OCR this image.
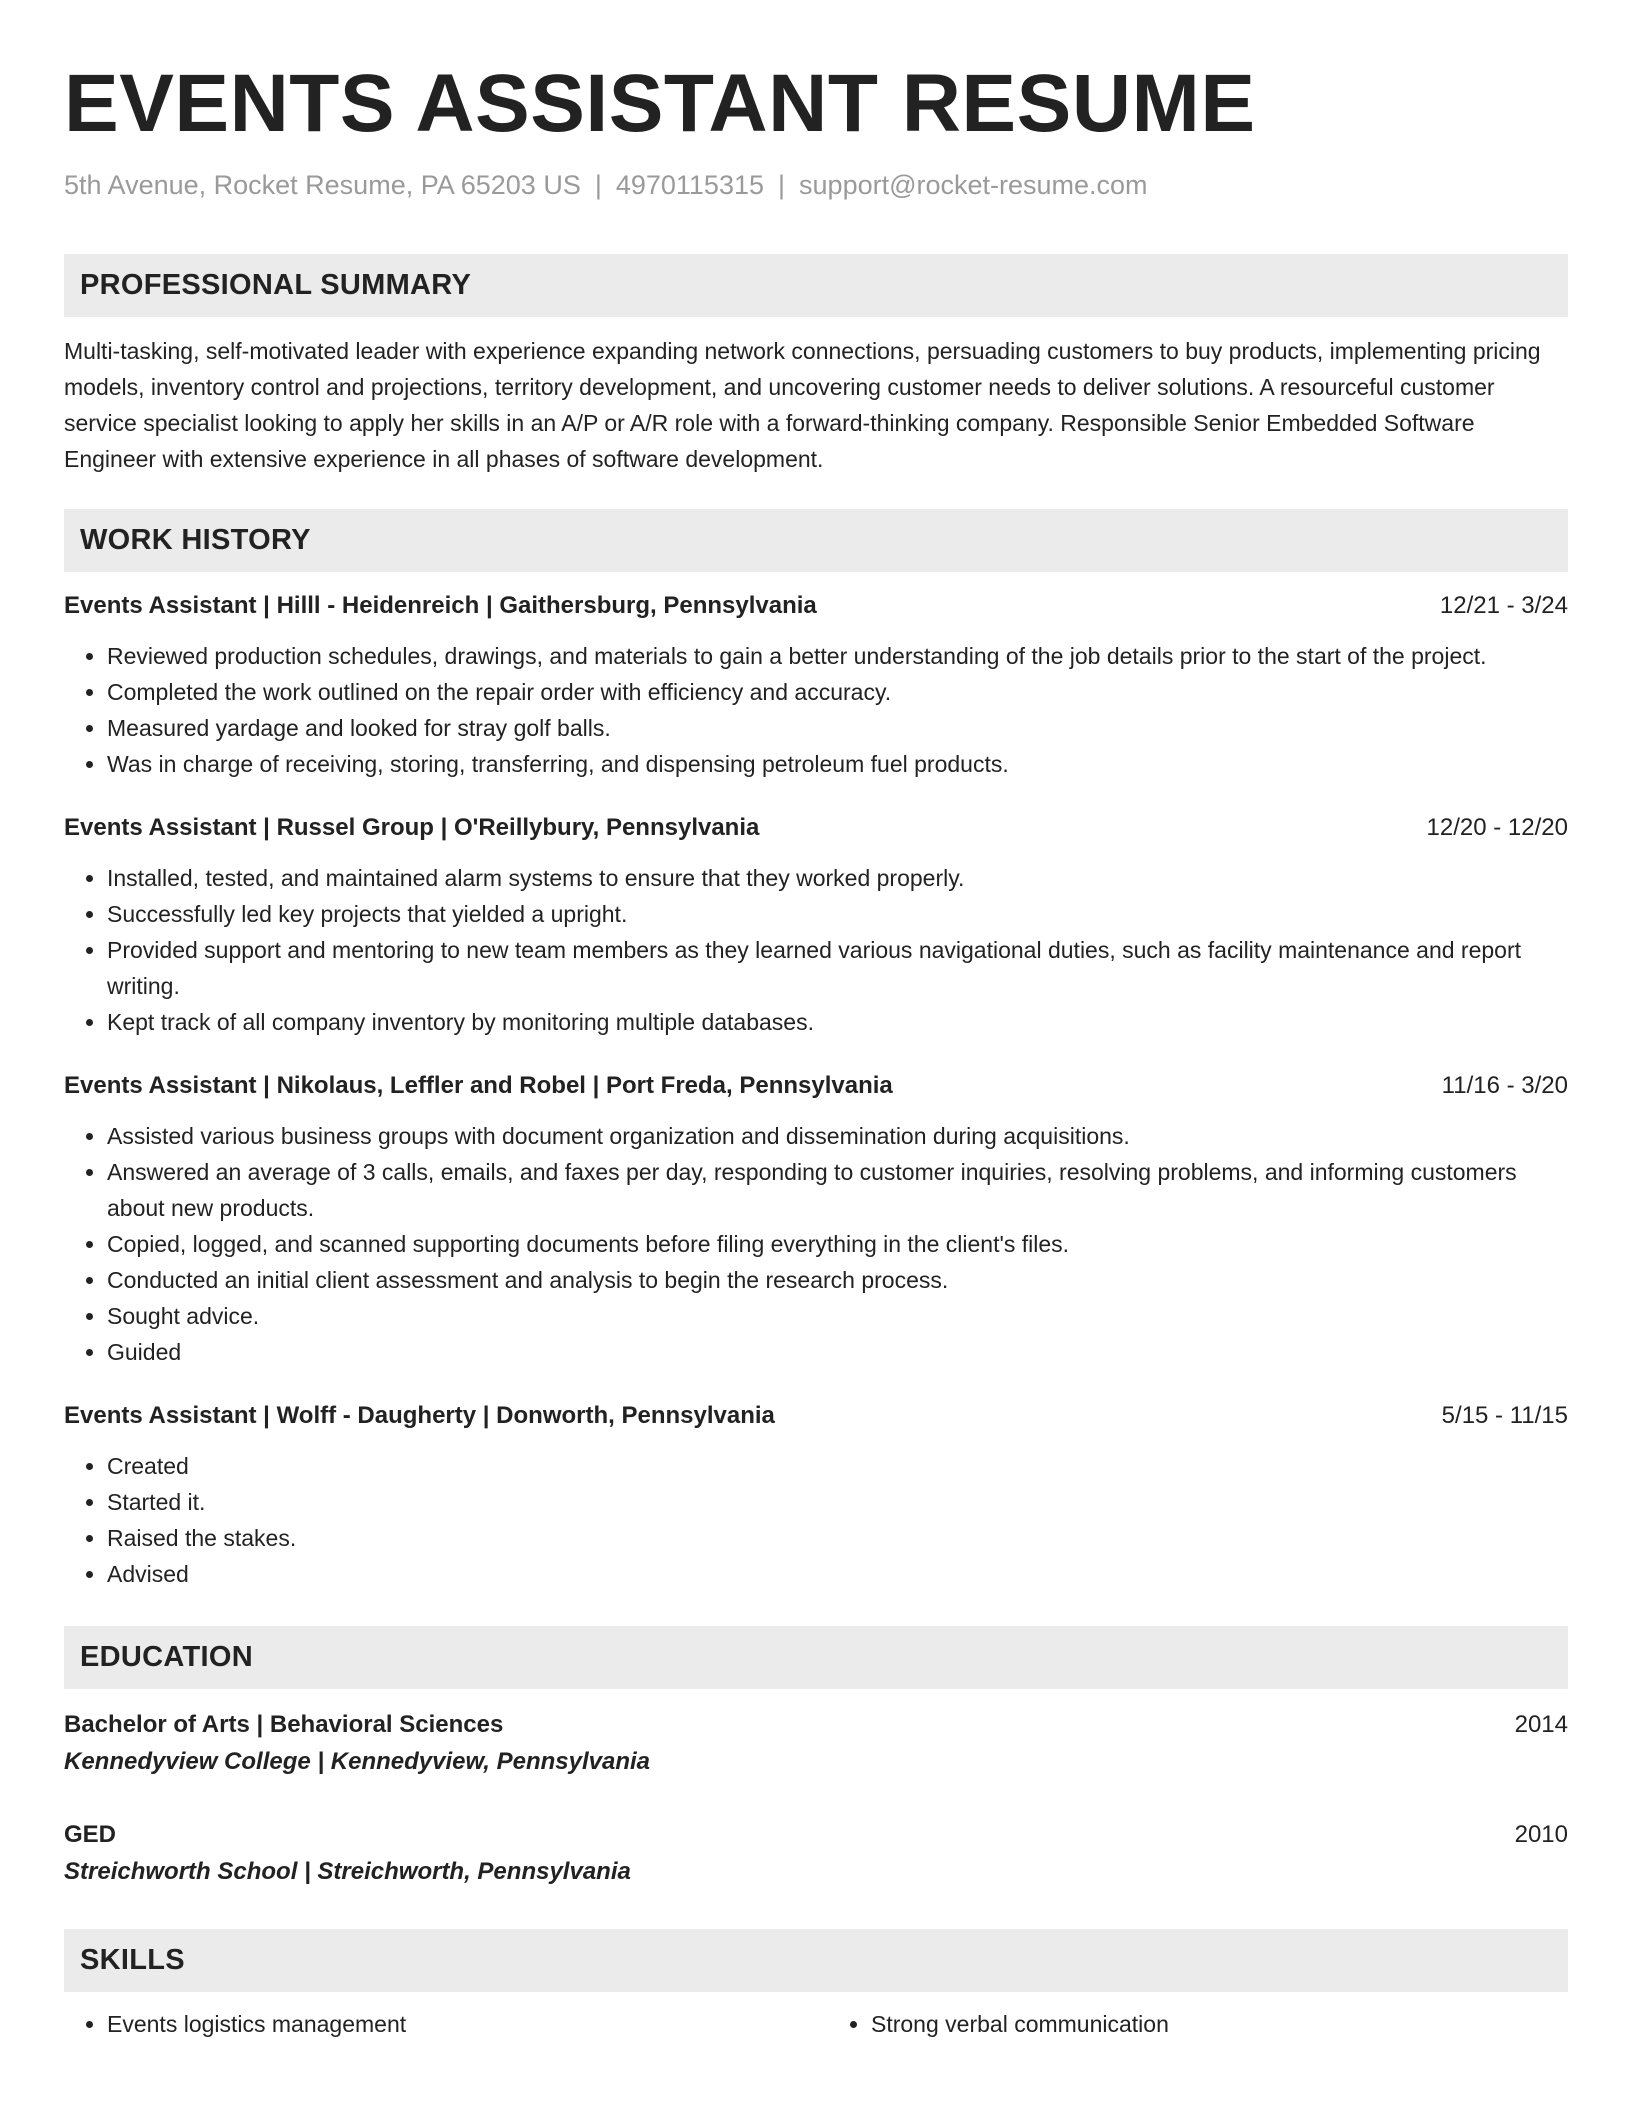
EVENTS ASSISTANT RESUME
5th Avenue, Rocket Resume, PA 65203 US | 4970115315 | support@rocket-resume.com
PROFESSIONAL SUMMARY

Multi-tasking, self-motivated leader with experience expanding network connections, persuading customers to buy products, implementing pricing models, inventory control and projections, territory development, and uncovering customer needs to deliver solutions. A resourceful customer service specialist looking to apply her skills in an A/P or A/R role with a forward-thinking company. Responsible Senior Embedded Software Engineer with extensive experience in all phases of software development.

WORK HISTORY
Events Assistant | Hilll - Heidenreich | Gaithersburg, Pennsylvania	12/21 - 3/24
• Reviewed production schedules, drawings, and materials to gain a better understanding of the job details prior to the start of the project.
• Completed the work outlined on the repair order with efficiency and accuracy.
• Measured yardage and looked for stray golf balls.
• Was in charge of receiving, storing, transferring, and dispensing petroleum fuel products.
Events Assistant | Russel Group | O'Reillybury, Pennsylvania	12/20 - 12/20
• Installed, tested, and maintained alarm systems to ensure that they worked properly.
• Successfully led key projects that yielded a upright.
• Provided support and mentoring to new team members as they learned various navigational duties, such as facility maintenance and report writing.
• Kept track of all company inventory by monitoring multiple databases.
Events Assistant | Nikolaus, Leffler and Robel | Port Freda, Pennsylvania	11/16 - 3/20
• Assisted various business groups with document organization and dissemination during acquisitions.
• Answered an average of 3 calls, emails, and faxes per day, responding to customer inquiries, resolving problems, and informing customers about new products.
• Copied, logged, and scanned supporting documents before filing everything in the client's files.
• Conducted an initial client assessment and analysis to begin the research process.
• Sought advice.
• Guided
Events Assistant | Wolff - Daugherty | Donworth, Pennsylvania	5/15 - 11/15
• Created
• Started it.
• Raised the stakes.
• Advised
EDUCATION
Bachelor of Arts | Behavioral Sciences	2014
Kennedyview College | Kennedyview, Pennsylvania
GED	2010
Streichworth School | Streichworth, Pennsylvania
SKILLS
• Events logistics management
•	Strong verbal communication
